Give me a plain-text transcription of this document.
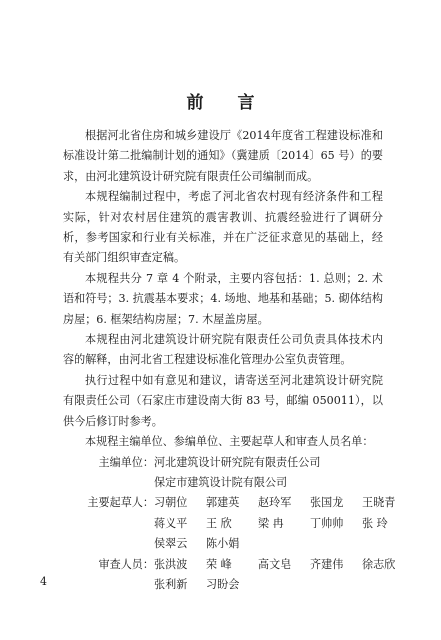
前 言

根据河北省住房和城乡建设厅《2014年度省工程建设标准和标准设计第二批编制计划的通知》（冀建质〔2014〕65 号）的要求，由河北建筑设计研究院有限责任公司编制而成。

本规程编制过程中，考虑了河北省农村现有经济条件和工程实际，针对农村居住建筑的震害教训、抗震经验进行了调研分析，参考国家和行业有关标准，并在广泛征求意见的基础上，经有关部门组织审查定稿。

本规程共分 7 章 4 个附录，主要内容包括：1. 总则；2. 术语和符号；3. 抗震基本要求；4. 场地、地基和基础；5. 砌体结构房屋；6. 框架结构房屋；7. 木屋盖房屋。

本规程由河北建筑设计研究院有限责任公司负责具体技术内容的解释，由河北省工程建设标准化管理办公室负责管理。

执行过程中如有意见和建议，请寄送至河北建筑设计研究院有限责任公司（石家庄市建设南大街 83 号，邮编 050011），以供今后修订时参考。

本规程主编单位、参编单位、主要起草人和审查人员名单：

主编单位： 河北建筑设计研究院有限责任公司
保定市建筑设计院有限公司
主要起草人： 习朝位	郭建英	赵玲军	张国龙	王晓青
蒋义平	王 欣	梁 冉	丁帅帅	张 玲
侯翠云	陈小娟
审查人员： 张洪波	荣 峰	高文皂	齐建伟	徐志欣
张利新	习盼会
4
